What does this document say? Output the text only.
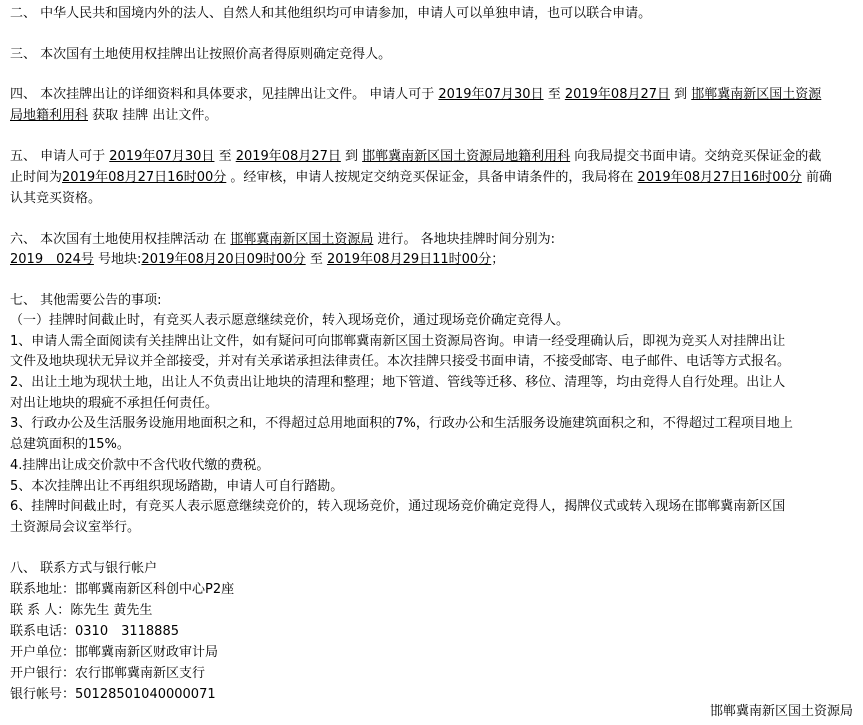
二、 中华人民共和国境内外的法人、自然人和其他组织均可申请参加，申请人可以单独申请，也可以联合申请。
三、 本次国有土地使用权挂牌出让按照价高者得原则确定竞得人。
四、 本次挂牌出让的详细资料和具体要求，见挂牌出让文件。 申请人可于 2019年07月30日 至 2019年08月27日 到 邯郸冀南新区国土资源
局地籍利用科 获取 挂牌 出让文件。
五、 申请人可于 2019年07月30日 至 2019年08月27日 到 邯郸冀南新区国土资源局地籍利用科 向我局提交书面申请。交纳竞买保证金的截
止时间为2019年08月27日16时00分 。经审核，申请人按规定交纳竞买保证金，具备申请条件的，我局将在 2019年08月27日16时00分 前确
认其竞买资格。
六、 本次国有土地使用权挂牌活动 在 邯郸冀南新区国土资源局 进行。 各地块挂牌时间分别为:
2019　024号 号地块:2019年08月20日09时00分 至 2019年08月29日11时00分；
七、 其他需要公告的事项:
（一）挂牌时间截止时，有竞买人表示愿意继续竞价，转入现场竞价，通过现场竞价确定竞得人。
1、申请人需全面阅读有关挂牌出让文件，如有疑问可向邯郸冀南新区国土资源局咨询。申请一经受理确认后，即视为竞买人对挂牌出让
文件及地块现状无异议并全部接受，并对有关承诺承担法律责任。本次挂牌只接受书面申请，不接受邮寄、电子邮件、电话等方式报名。
2、出让土地为现状土地，出让人不负责出让地块的清理和整理；地下管道、管线等迁移、移位、清理等，均由竞得人自行处理。出让人
对出让地块的瑕疵不承担任何责任。
3、行政办公及生活服务设施用地面积之和，不得超过总用地面积的7%，行政办公和生活服务设施建筑面积之和，不得超过工程项目地上
总建筑面积的15%。
4.挂牌出让成交价款中不含代收代缴的费税。
5、本次挂牌出让不再组织现场踏勘，申请人可自行踏勘。
6、挂牌时间截止时，有竞买人表示愿意继续竞价的，转入现场竞价，通过现场竞价确定竞得人，揭牌仪式或转入现场在邯郸冀南新区国
土资源局会议室举行。
八、 联系方式与银行帐户
联系地址：邯郸冀南新区科创中心P2座
联 系 人：陈先生 黄先生
联系电话：0310　3118885
开户单位：邯郸冀南新区财政审计局
开户银行：农行邯郸冀南新区支行
银行帐号：50128501040000071
邯郸冀南新区国土资源局
